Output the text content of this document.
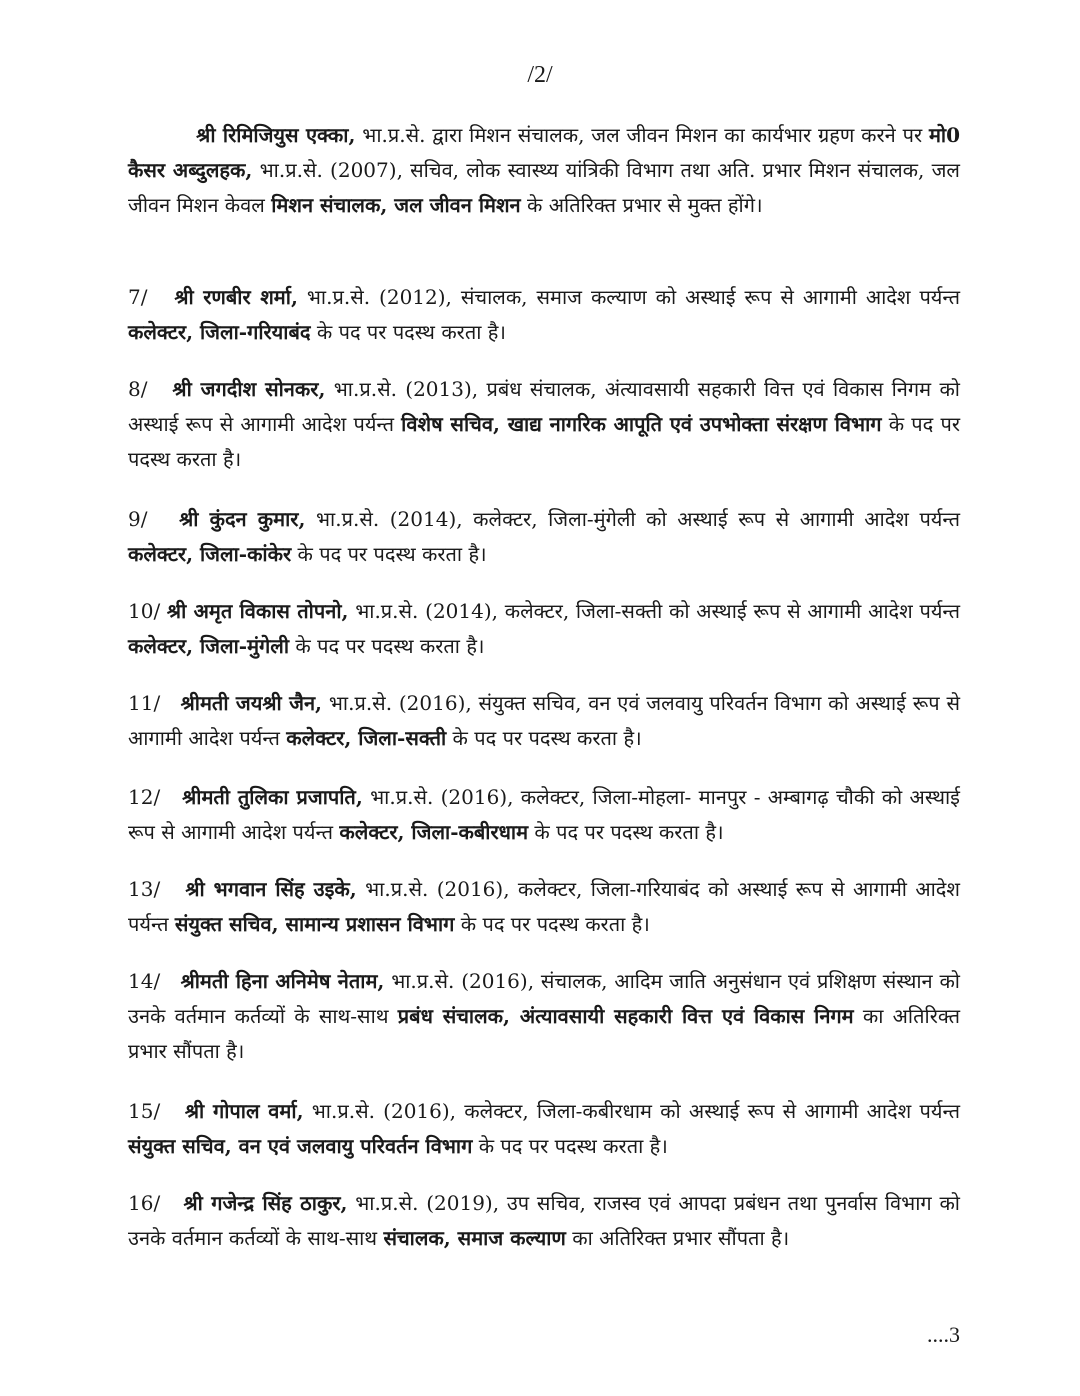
/2/
श्री रिमिजियुस एक्का, भा.प्र.से. द्वारा मिशन संचालक, जल जीवन मिशन का कार्यभार ग्रहण करने पर मो0 कैसर अब्दुलहक, भा.प्र.से. (2007), सचिव, लोक स्वास्थ्य यांत्रिकी विभाग तथा अति. प्रभार मिशन संचालक, जल जीवन मिशन केवल मिशन संचालक, जल जीवन मिशन के अतिरिक्त प्रभार से मुक्त होंगे।
7/   श्री रणबीर शर्मा, भा.प्र.से. (2012), संचालक, समाज कल्याण को अस्थाई रूप से आगामी आदेश पर्यन्त कलेक्टर, जिला-गरियाबंद के पद पर पदस्थ करता है।
8/   श्री जगदीश सोनकर, भा.प्र.से. (2013), प्रबंध संचालक, अंत्यावसायी सहकारी वित्त एवं विकास निगम को अस्थाई रूप से आगामी आदेश पर्यन्त विशेष सचिव, खाद्य नागरिक आपूति एवं उपभोक्ता संरक्षण विभाग के पद पर पदस्थ करता है।
9/   श्री कुंदन कुमार, भा.प्र.से. (2014), कलेक्टर, जिला-मुंगेली को अस्थाई रूप से आगामी आदेश पर्यन्त कलेक्टर, जिला-कांकेर के पद पर पदस्थ करता है।
10/ श्री अमृत विकास तोपनो, भा.प्र.से. (2014), कलेक्टर, जिला-सक्ती को अस्थाई रूप से आगामी आदेश पर्यन्त कलेक्टर, जिला-मुंगेली के पद पर पदस्थ करता है।
11/   श्रीमती जयश्री जैन, भा.प्र.से. (2016), संयुक्त सचिव, वन एवं जलवायु परिवर्तन विभाग को अस्थाई रूप से आगामी आदेश पर्यन्त कलेक्टर, जिला-सक्ती के पद पर पदस्थ करता है।
12/   श्रीमती तुलिका प्रजापति, भा.प्र.से. (2016), कलेक्टर, जिला-मोहला- मानपुर - अम्बागढ़ चौकी को अस्थाई रूप से आगामी आदेश पर्यन्त कलेक्टर, जिला-कबीरधाम के पद पर पदस्थ करता है।
13/   श्री भगवान सिंह उइके, भा.प्र.से. (2016), कलेक्टर, जिला-गरियाबंद को अस्थाई रूप से आगामी आदेश पर्यन्त संयुक्त सचिव, सामान्य प्रशासन विभाग के पद पर पदस्थ करता है।
14/   श्रीमती हिना अनिमेष नेताम, भा.प्र.से. (2016), संचालक, आदिम जाति अनुसंधान एवं प्रशिक्षण संस्थान को उनके वर्तमान कर्तव्यों के साथ-साथ प्रबंध संचालक, अंत्यावसायी सहकारी वित्त एवं विकास निगम का अतिरिक्त प्रभार सौंपता है।
15/   श्री गोपाल वर्मा, भा.प्र.से. (2016), कलेक्टर, जिला-कबीरधाम को अस्थाई रूप से आगामी आदेश पर्यन्त संयुक्त सचिव, वन एवं जलवायु परिवर्तन विभाग के पद पर पदस्थ करता है।
16/   श्री गजेन्द्र सिंह ठाकुर, भा.प्र.से. (2019), उप सचिव, राजस्व एवं आपदा प्रबंधन तथा पुनर्वास विभाग को उनके वर्तमान कर्तव्यों के साथ-साथ संचालक, समाज कल्याण का अतिरिक्त प्रभार सौंपता है।
....3
